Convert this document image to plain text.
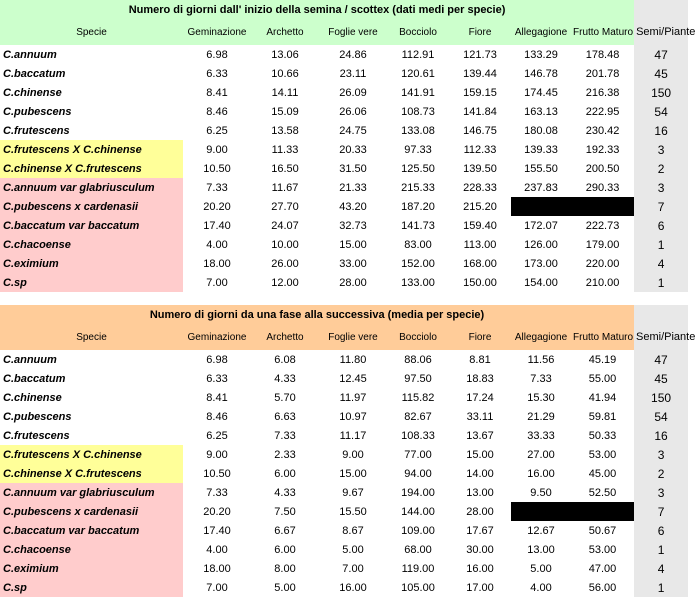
Numero di giorni dall' inizio della semina / scottex (dati medi per specie)								
Specie	Geminazione	Archetto	Foglie vere	Bocciolo	Fiore	Allegagione	Frutto Maturo	Semi/Piante
C.annuum	6.98	13.06	24.86	112.91	121.73	133.29	178.48	47
C.baccatum	6.33	10.66	23.11	120.61	139.44	146.78	201.78	45
C.chinense	8.41	14.11	26.09	141.91	159.15	174.45	216.38	150
C.pubescens	8.46	15.09	26.06	108.73	141.84	163.13	222.95	54
C.frutescens	6.25	13.58	24.75	133.08	146.75	180.08	230.42	16
C.frutescens X C.chinense	9.00	11.33	20.33	97.33	112.33	139.33	192.33	3
C.chinense X C.frutescens	10.50	16.50	31.50	125.50	139.50	155.50	200.50	2
C.annuum var glabriusculum	7.33	11.67	21.33	215.33	228.33	237.83	290.33	3
C.pubescens x cardenasii	20.20	27.70	43.20	187.20	215.20			7
C.baccatum var baccatum	17.40	24.07	32.73	141.73	159.40	172.07	222.73	6
C.chacoense	4.00	10.00	15.00	83.00	113.00	126.00	179.00	1
C.eximium	18.00	26.00	33.00	152.00	168.00	173.00	220.00	4
C.sp	7.00	12.00	28.00	133.00	150.00	154.00	210.00	1
Numero di giorni da una fase alla successiva (media per specie)								
Specie	Geminazione	Archetto	Foglie vere	Bocciolo	Fiore	Allegagione	Frutto Maturo	Semi/Piante
C.annuum	6.98	6.08	11.80	88.06	8.81	11.56	45.19	47
C.baccatum	6.33	4.33	12.45	97.50	18.83	7.33	55.00	45
C.chinense	8.41	5.70	11.97	115.82	17.24	15.30	41.94	150
C.pubescens	8.46	6.63	10.97	82.67	33.11	21.29	59.81	54
C.frutescens	6.25	7.33	11.17	108.33	13.67	33.33	50.33	16
C.frutescens X C.chinense	9.00	2.33	9.00	77.00	15.00	27.00	53.00	3
C.chinense X C.frutescens	10.50	6.00	15.00	94.00	14.00	16.00	45.00	2
C.annuum var glabriusculum	7.33	4.33	9.67	194.00	13.00	9.50	52.50	3
C.pubescens x cardenasii	20.20	7.50	15.50	144.00	28.00			7
C.baccatum var baccatum	17.40	6.67	8.67	109.00	17.67	12.67	50.67	6
C.chacoense	4.00	6.00	5.00	68.00	30.00	13.00	53.00	1
C.eximium	18.00	8.00	7.00	119.00	16.00	5.00	47.00	4
C.sp	7.00	5.00	16.00	105.00	17.00	4.00	56.00	1
